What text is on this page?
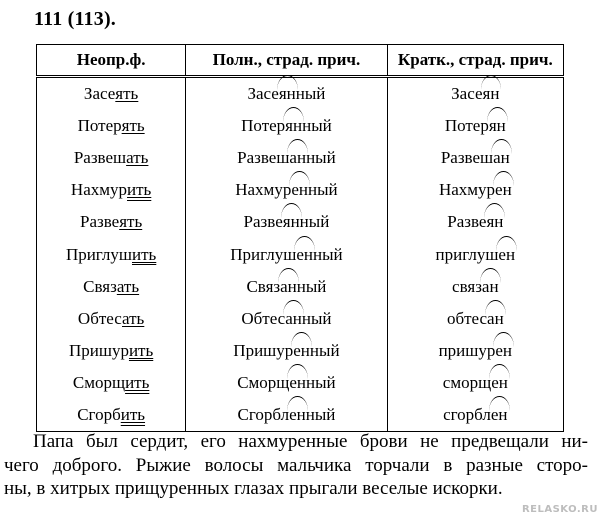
111 (113).
Неопр.ф.	Полн., страд. прич.	Кратк., страд. прич.
Засеять	Засеянный	Засеян
Потерять	Потерянный	Потерян
Развешать	Развешанный	Развешан
Нахмурить	Нахмуренный	Нахмурен
Развеять	Развеянный	Развеян
Приглушить	Приглушенный	приглушен
Связать	Связанный	связан
Обтесать	Обтесанный	обтесан
Пришурить	Пришуренный	пришурен
Сморщить	Сморщенный	сморщен
Сгорбить	Сгорбленный	сгорблен

Папа был сердит, его нахмуренные брови не предвещали ни-
чего доброго. Рыжие волосы мальчика торчали в разные сторо-
ны, в хитрых прищуренных глазах прыгали веселые искорки.

RELASKO.RU
